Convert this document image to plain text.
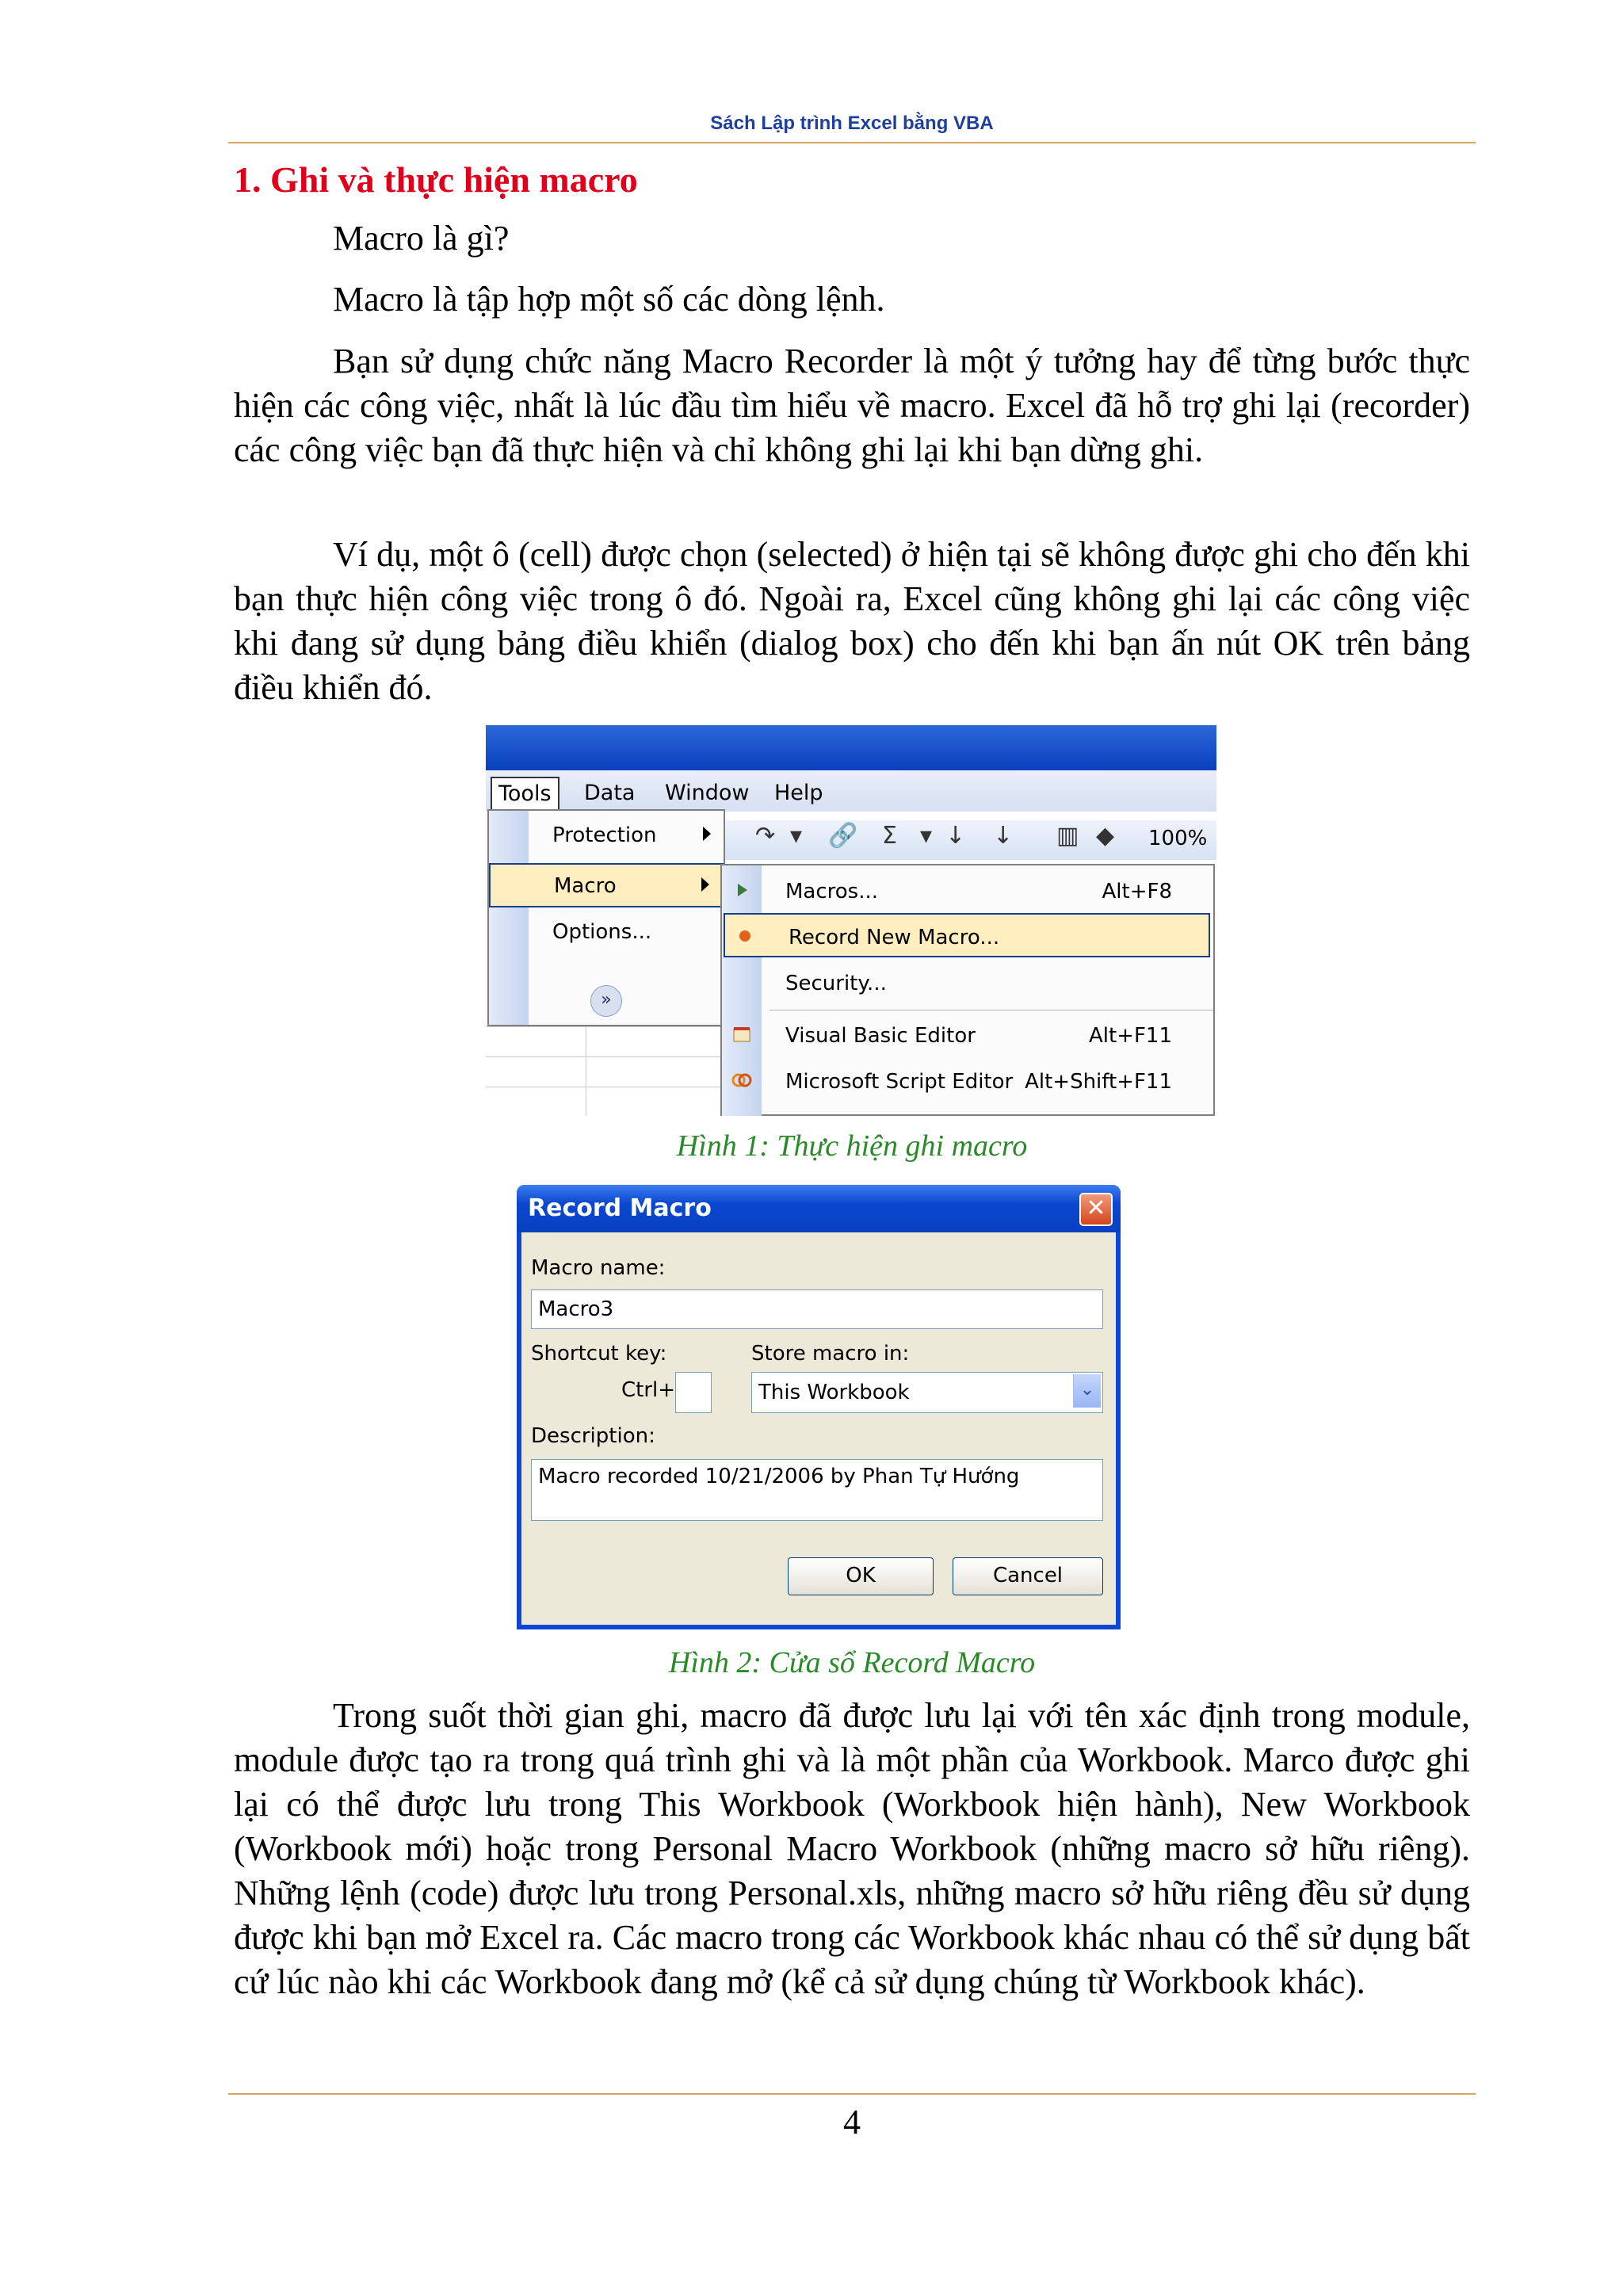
Sách Lập trình Excel bằng VBA
1. Ghi và thực hiện macro

Macro là gì?

Macro là tập hợp một số các dòng lệnh.

Bạn sử dụng chức năng Macro Recorder là một ý tưởng hay để từng bước thực hiện các công việc, nhất là lúc đầu tìm hiểu về macro. Excel đã hỗ trợ ghi lại (recorder) các công việc bạn đã thực hiện và chỉ không ghi lại khi bạn dừng ghi.

Ví dụ, một ô (cell) được chọn (selected) ở hiện tại sẽ không được ghi cho đến khi bạn thực hiện công việc trong ô đó. Ngoài ra, Excel cũng không ghi lại các công việc khi đang sử dụng bảng điều khiển (dialog box) cho đến khi bạn ấn nút OK trên bảng điều khiển đó.

Tools	Data Window Help
↷ ▾ 🔗 Σ ▾ ↓ ↓ ▥ ◆ 100%
Protection
Macro
Options...
»
Macros...	Alt+F8
Record New Macro...
Security...
Visual Basic Editor	Alt+F11
Microsoft Script Editor Alt+Shift+F11
Hình 1: Thực hiện ghi macro
Record Macro	✕
Macro name:
Macro3
Shortcut key:
Ctrl+
Store macro in:
This Workbook	⌄
Description:
Macro recorded 10/21/2006 by Phan Tự Hướng
OK	Cancel
Hình 2: Cửa sổ Record Macro

Trong suốt thời gian ghi, macro đã được lưu lại với tên xác định trong module, module được tạo ra trong quá trình ghi và là một phần của Workbook. Marco được ghi lại có thể được lưu trong This Workbook (Workbook hiện hành), New Workbook (Workbook mới) hoặc trong Personal Macro Workbook (những macro sở hữu riêng). Những lệnh (code) được lưu trong Personal.xls, những macro sở hữu riêng đều sử dụng được khi bạn mở Excel ra. Các macro trong các Workbook khác nhau có thể sử dụng bất cứ lúc nào khi các Workbook đang mở (kể cả sử dụng chúng từ Workbook khác).

4
